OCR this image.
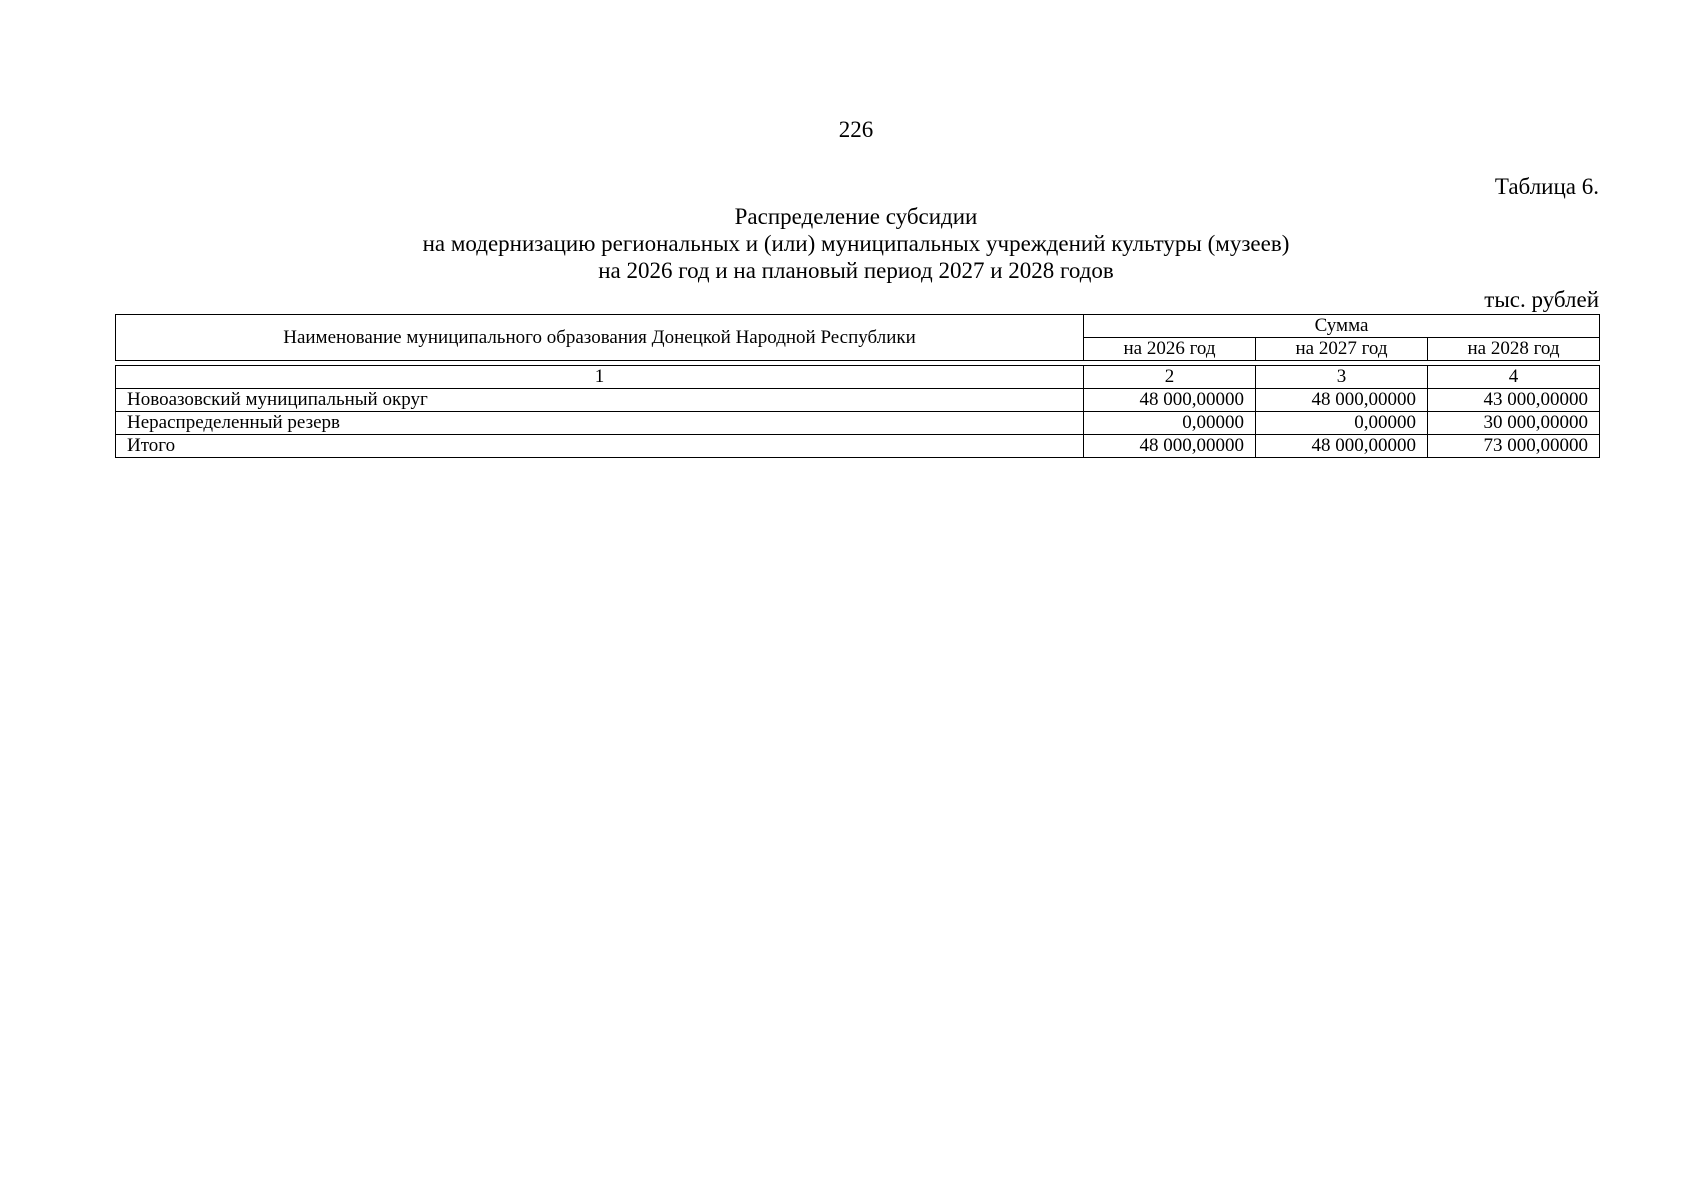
226
Таблица 6.
Распределение субсидии
на модернизацию региональных и (или) муниципальных учреждений культуры (музеев)
на 2026 год и на плановый период 2027 и 2028 годов
тыс. рублей
Наименование муниципального образования Донецкой Народной Республики	Сумма		
	на 2026 год	на 2027 год	на 2028 год
1	2	3	4
Новоазовский муниципальный округ	48 000,00000	48 000,00000	43 000,00000
Нераспределенный резерв	0,00000	0,00000	30 000,00000
Итого	48 000,00000	48 000,00000	73 000,00000
